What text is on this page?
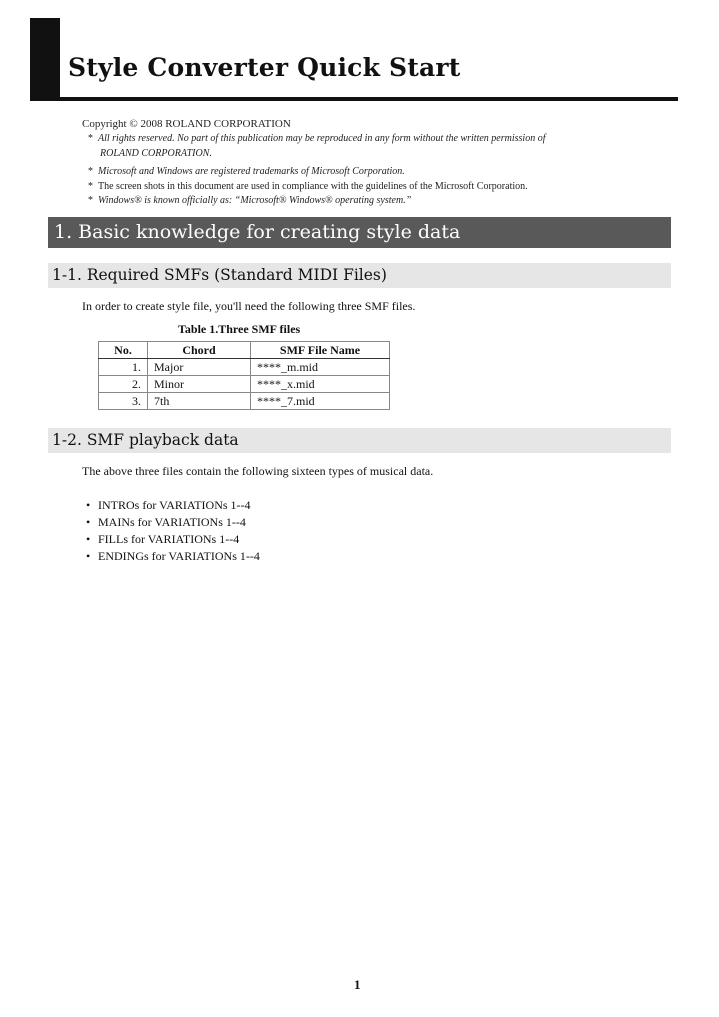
Style Converter Quick Start
Copyright © 2008 ROLAND CORPORATION
* All rights reserved. No part of this publication may be reproduced in any form without the written permission of
ROLAND CORPORATION.
* Microsoft and Windows are registered trademarks of Microsoft Corporation.
* The screen shots in this document are used in compliance with the guidelines of the Microsoft Corporation.
* Windows® is known officially as: “Microsoft® Windows® operating system.”
1. Basic knowledge for creating style data
1-1. Required SMFs (Standard MIDI Files)
In order to create style file, you'll need the following three SMF files.
Table 1.Three SMF files
No.	Chord	SMF File Name
1.	Major	****_m.mid
2.	Minor	****_x.mid
3.	7th	****_7.mid
1-2. SMF playback data
The above three files contain the following sixteen types of musical data.
• INTROs for VARIATIONs 1--4
• MAINs for VARIATIONs 1--4
• FILLs for VARIATIONs 1--4
• ENDINGs for VARIATIONs 1--4
1
